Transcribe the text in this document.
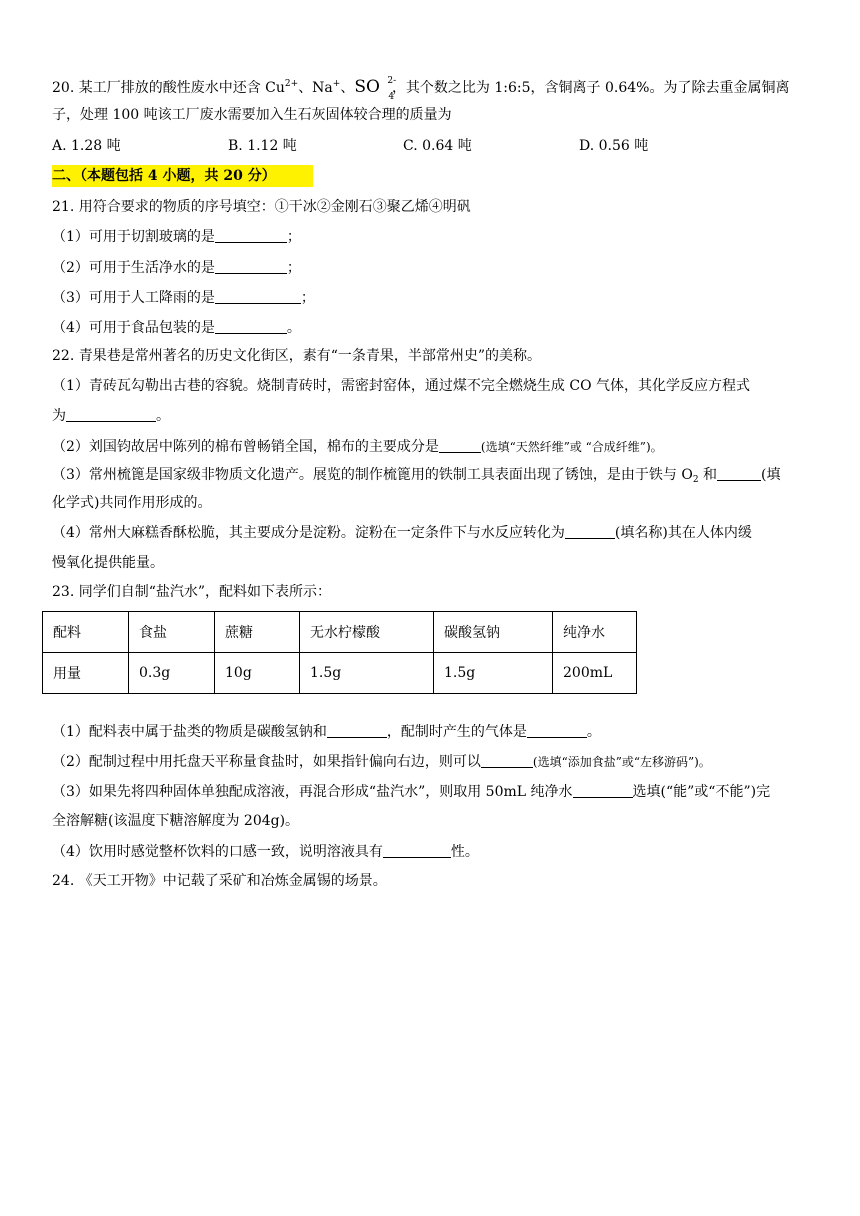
20. 某工厂排放的酸性废水中还含 $Cu^{2+}$、Na+、SO 2-
4
，其个数之比为 1:6:5，含铜离子 0.64%。为了除去重金属铜离
子，处理 100 吨该工厂废水需要加入生石灰固体较合理的质量为
A. 1.28 吨	B. 1.12 吨	C. 0.64 吨	D. 0.56 吨
二、（本题包括 4 小题，共 20 分）
21. 用符合要求的物质的序号填空：①干冰②金刚石③聚乙烯④明矾
（1）可用于切割玻璃的是	；
（2）可用于生活净水的是	；
（3）可用于人工降雨的是	；
（4）可用于食品包装的是	。
22. 青果巷是常州著名的历史文化街区，素有“一条青果，半部常州史”的美称。
（1）青砖瓦勾勒出古巷的容貌。烧制青砖时，需密封窑体，通过煤不完全燃烧生成 CO 气体，其化学反应方程式
为	。
（2）刘国钧故居中陈列的棉布曾畅销全国，棉布的主要成分是	(选填“天然纤维”或 “合成纤维”)。
（3）常州梳篦是国家级非物质文化遗产。展览的制作梳篦用的铁制工具表面出现了锈蚀，是由于铁与 $O_2$ 和	(填
化学式)共同作用形成的。
（4）常州大麻糕香酥松脆，其主要成分是淀粉。淀粉在一定条件下与水反应转化为	(填名称)其在人体内缓
慢氧化提供能量。
23. 同学们自制“盐汽水”，配料如下表所示：
配料	食盐	蔗糖	无水柠檬酸	碳酸氢钠	纯净水
用量	0.3g	10g	1.5g	1.5g	200mL
（1）配料表中属于盐类的物质是碳酸氢钠和	，配制时产生的气体是	。
（2）配制过程中用托盘天平称量食盐时，如果指针偏向右边，则可以	(选填“添加食盐”或“左移游码”)。
（3）如果先将四种固体单独配成溶液，再混合形成“盐汽水”，则取用 50mL 纯净水	选填(“能”或“不能”)完
全溶解糖(该温度下糖溶解度为 204g)。
（4）饮用时感觉整杯饮料的口感一致，说明溶液具有	性。
24. 《天工开物》中记载了采矿和冶炼金属锡的场景。
